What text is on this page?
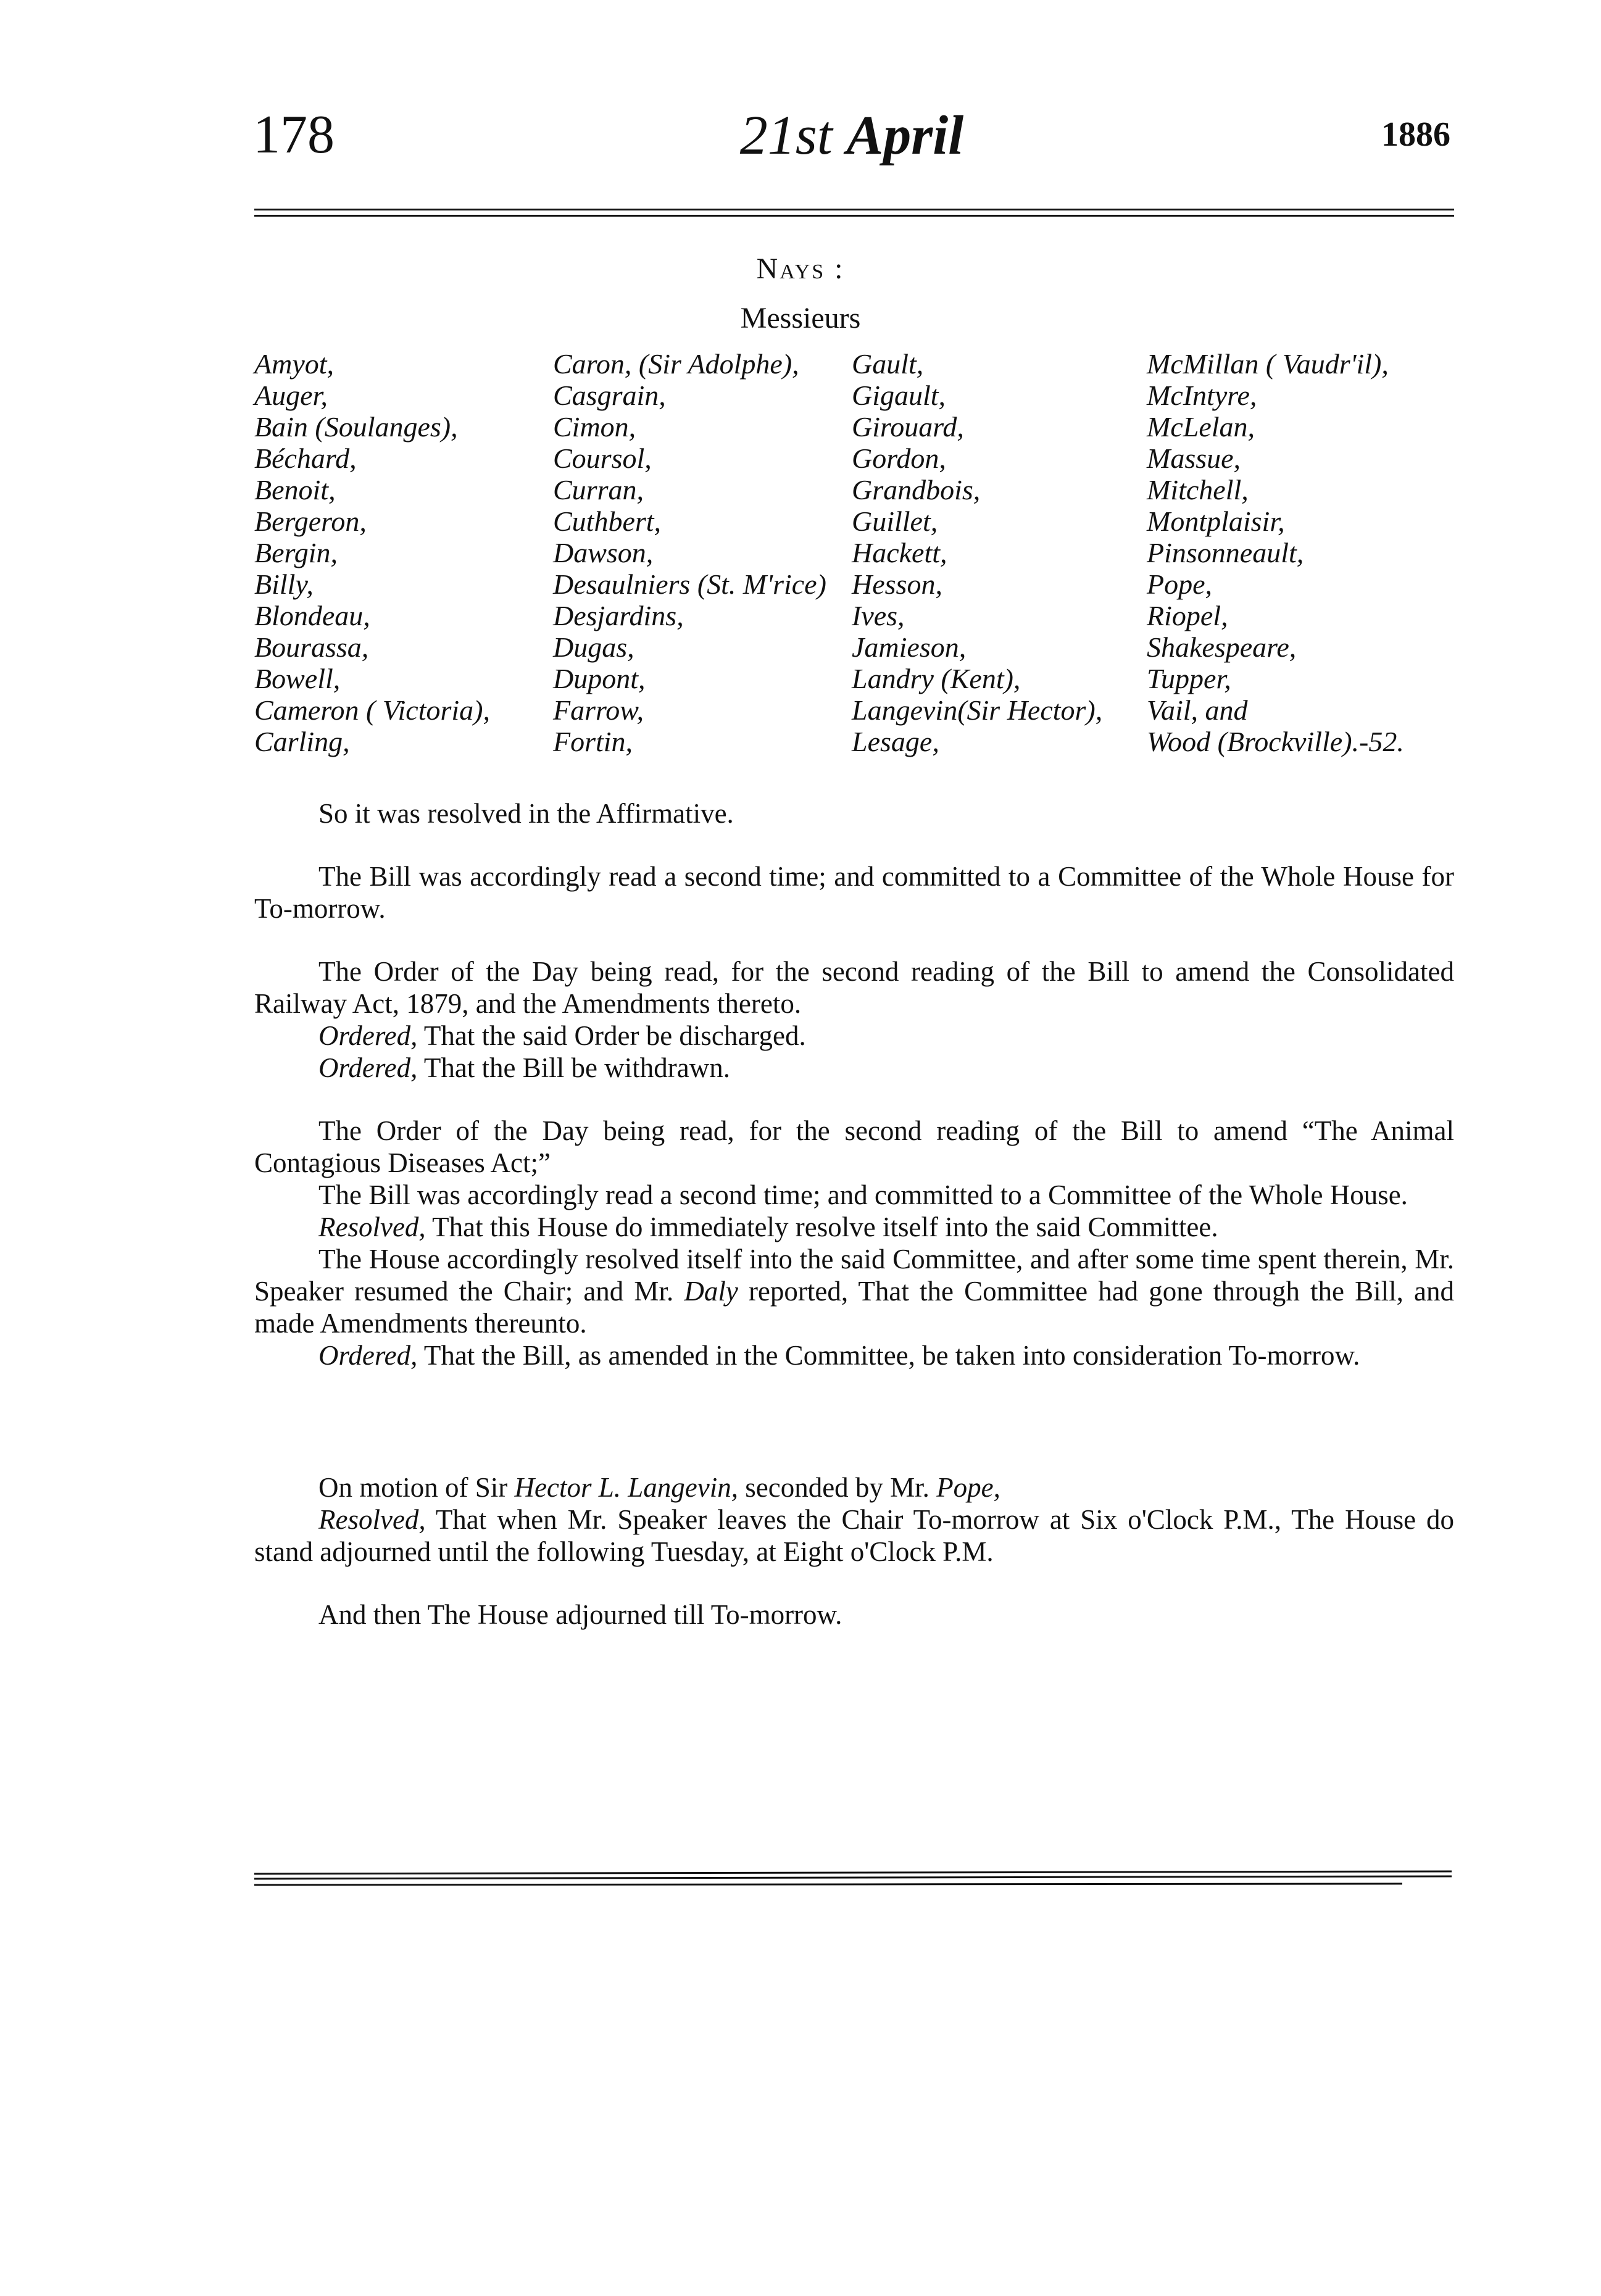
178	21st April	1886
Nays :
Messieurs
Amyot,
Auger,
Bain (Soulanges),
Béchard,
Benoit,
Bergeron,
Bergin,
Billy,
Blondeau,
Bourassa,
Bowell,
Cameron ( Victoria),
Carling,
Caron, (Sir Adolphe),
Casgrain,
Cimon,
Coursol,
Curran,
Cuthbert,
Dawson,
Desaulniers (St. M'rice)
Desjardins,
Dugas,
Dupont,
Farrow,
Fortin,
Gault,
Gigault,
Girouard,
Gordon,
Grandbois,
Guillet,
Hackett,
Hesson,
Ives,
Jamieson,
Landry (Kent),
Langevin(Sir Hector),
Lesage,
McMillan ( Vaudr'il),
McIntyre,
McLelan,
Massue,
Mitchell,
Montplaisir,
Pinsonneault,
Pope,
Riopel,
Shakespeare,
Tupper,
Vail, and
Wood (Brockville).-52.

So it was resolved in the Affirmative.

The Bill was accordingly read a second time; and committed to a Committee of the Whole House for To-morrow.

The Order of the Day being read, for the second reading of the Bill to amend the Consolidated Railway Act, 1879, and the Amendments thereto.

Ordered, That the said Order be discharged.

Ordered, That the Bill be withdrawn.

The Order of the Day being read, for the second reading of the Bill to amend “The Animal Contagious Diseases Act;”

The Bill was accordingly read a second time; and committed to a Committee of the Whole House.

Resolved, That this House do immediately resolve itself into the said Committee.

The House accordingly resolved itself into the said Committee, and after some time spent therein, Mr. Speaker resumed the Chair; and Mr. Daly reported, That the Committee had gone through the Bill, and made Amendments thereunto.

Ordered, That the Bill, as amended in the Committee, be taken into consideration To-morrow.

On motion of Sir Hector L. Langevin, seconded by Mr. Pope,

Resolved, That when Mr. Speaker leaves the Chair To-morrow at Six o'Clock P.M., The House do stand adjourned until the following Tuesday, at Eight o'Clock P.M.

And then The House adjourned till To-morrow.
